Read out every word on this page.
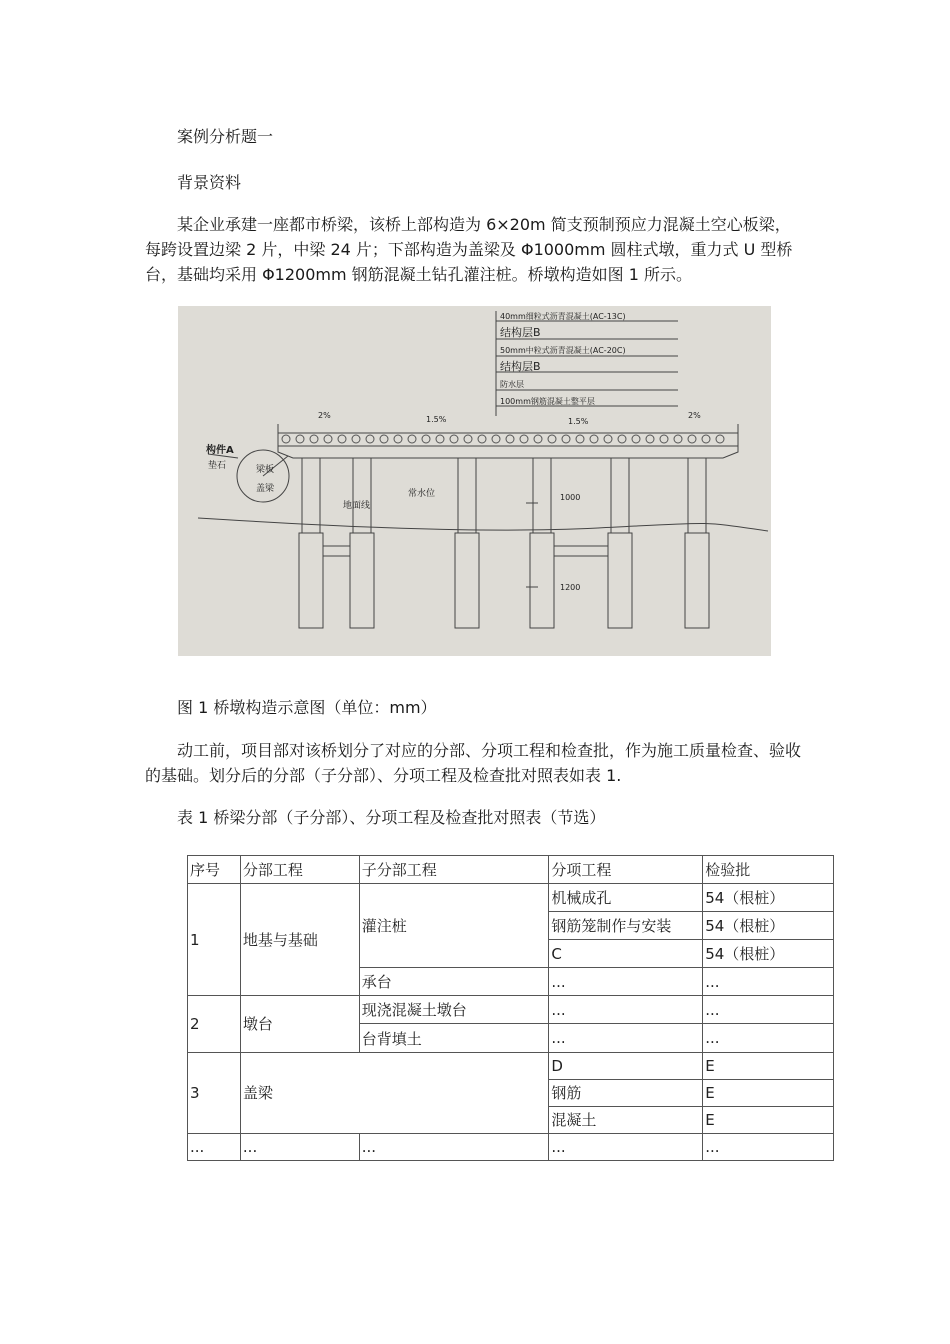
案例分析题一
背景资料
某企业承建一座都市桥梁，该桥上部构造为 6×20m 简支预制预应力混凝土空心板梁，每跨设置边梁 2 片，中梁 24 片；下部构造为盖梁及 Φ1000mm 圆柱式墩，重力式 U 型桥台，基础均采用 Φ1200mm 钢筋混凝土钻孔灌注桩。桥墩构造如图 1 所示。
40mm细粒式沥青混凝土(AC-13C)
结构层B
50mm中粒式沥青混凝土(AC-20C)
结构层B
防水层
100mm钢筋混凝土整平层
2%	1.5%	1.5%
2%
构件A
垫石	梁板
盖梁
地面线
常水位	1000
1200
图 1 桥墩构造示意图（单位：mm）
动工前，项目部对该桥划分了对应的分部、分项工程和检查批，作为施工质量检查、验收的基础。划分后的分部（子分部）、分项工程及检查批对照表如表 1.
表 1 桥梁分部（子分部）、分项工程及检查批对照表（节选）
序号	分部工程	子分部工程	分项工程	检验批
1	地基与基础	灌注桩	机械成孔	54（根桩）
			钢筋笼制作与安装	54（根桩）
			C	54（根桩）
		承台	...	...
2	墩台	现浇混凝土墩台	...	...
		台背填土	...	...
3	盖梁		D	E
			钢筋	E
			混凝土	E
...	...	...	...	...
